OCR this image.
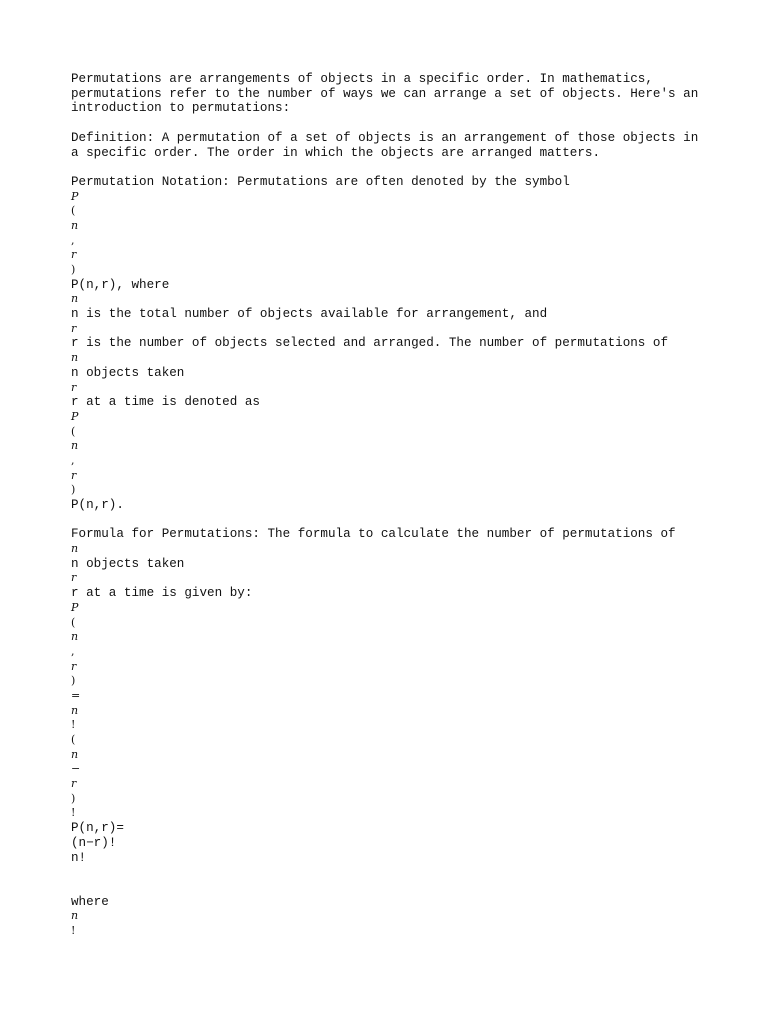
Permutations are arrangements of objects in a specific order. In mathematics, permutations refer to the number of ways we can arrange a set of objects. Here's an introduction to permutations:

Definition: A permutation of a set of objects is an arrangement of those objects in a specific order. The order in which the objects are arranged matters.

Permutation Notation: Permutations are often denoted by the symbol
P
(
n
,
r
)
P(n,r), where
n
n is the total number of objects available for arrangement, and
r
r is the number of objects selected and arranged. The number of permutations of
n
n objects taken
r
r at a time is denoted as
P
(
n
,
r
)
P(n,r).
Formula for Permutations: The formula to calculate the number of permutations of
n
n objects taken
r
r at a time is given by:
P
(
n
,
r
)
=
n
!
(
n
−
r
)
!
P(n,r)=
(n−r)!
n!
where
n
!
